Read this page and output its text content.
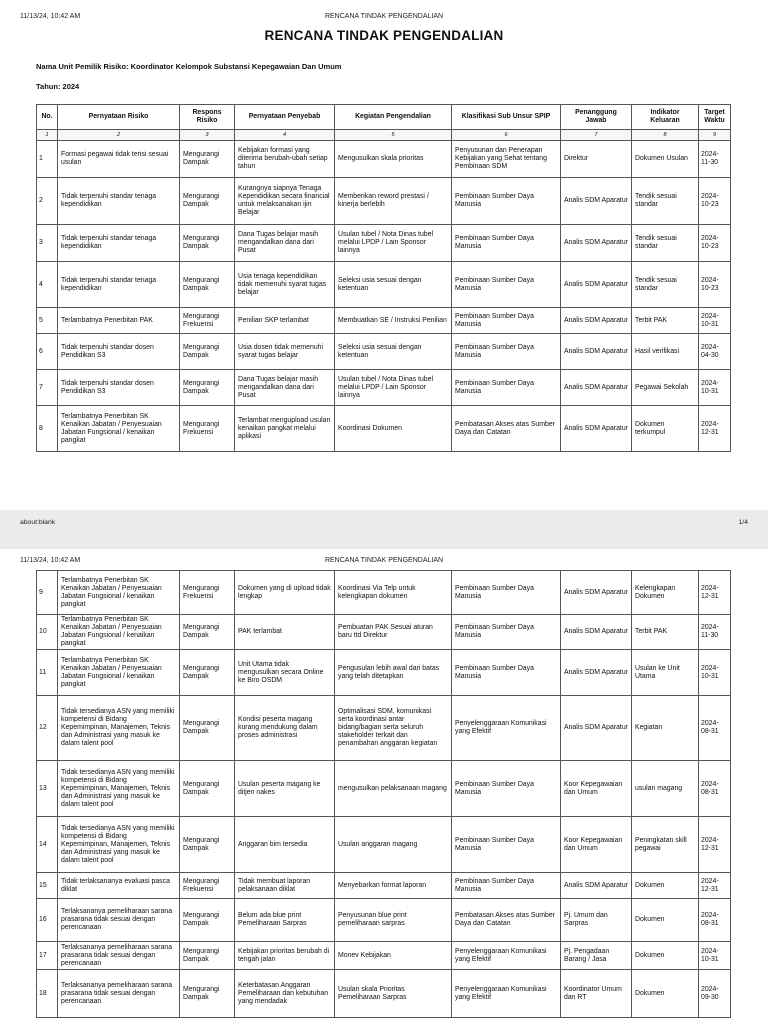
11/13/24, 10:42 AM	RENCANA TINDAK PENGENDALIAN
RENCANA TINDAK PENGENDALIAN
Nama Unit Pemilik Risiko: Koordinator Kelompok Substansi Kepegawaian Dan Umum
Tahun: 2024
No.	Pernyataan Risiko	Respons Risiko	Pernyataan Penyebab	Kegiatan Pengendalian	Klasifikasi Sub Unsur SPIP	Penanggung Jawab	Indikator Keluaran	Target Waktu
1	2	3	4	5	6	7	8	9
1	Formasi pegawai tidak terisi sesuai usulan	Mengurangi Dampak	Kebijakan formasi yang diterima berubah-ubah setiap tahun	Mengusulkan skala prioritas	Penyusunan dan Penerapan Kebijakan yang Sehat tentang Pembinaan SDM	Direktur	Dokumen Usulan	2024-11-30
2	Tidak terpenuhi standar tenaga kependidikan	Mengurangi Dampak	Kurangnya siapnya Tenaga Kependidikan secara financial untuk melaksanakan ijin Belajar	Memberikan reword prestasi / kinerja berlebih	Pembinaan Sumber Daya Manusia	Analis SDM Aparatur	Tendik sesuai standar	2024-10-23
3	Tidak terpenuhi standar tenaga kependidikan	Mengurangi Dampak	Dana Tugas belajar masih mengandalkan dana dari Pusat	Usulan tubel / Nota Dinas tubel melalui LPDP / Lain Sponsor lainnya	Pembinaan Sumber Daya Manusia	Analis SDM Aparatur	Tendik sesuai standar	2024-10-23
4	Tidak terpenuhi standar tenaga kependidikan	Mengurangi Dampak	Usia tenaga kependidikan tidak memenuhi syarat tugas belajar	Seleksi usia sesuai dengan ketentuan	Pembinaan Sumber Daya Manusia	Analis SDM Aparatur	Tendik sesuai standar	2024-10-23
5	Terlambatnya Penerbitan PAK	Mengurangi Frekuensi	Penilian SKP terlambat	Membuatkan SE / Instruksi Penilian	Pembinaan Sumber Daya Manusia	Analis SDM Aparatur	Terbit PAK	2024-10-31
6	Tidak terpenuhi standar dosen Pendidikan S3	Mengurangi Dampak	Usia dosen tidak memenuhi syarat tugas belajar	Seleksi usia sesuai dengan ketentuan	Pembinaan Sumber Daya Manusia	Analis SDM Aparatur	Hasil verifikasi	2024-04-30
7	Tidak terpenuhi standar dosen Pendidikan S3	Mengurangi Dampak	Dana Tugas belajar masih mengandalkan dana dari Pusat	Usulan tubel / Nota Dinas tubel melalui LPDP / Lain Sponsor lainnya	Pembinaan Sumber Daya Manusia	Analis SDM Aparatur	Pegawai Sekolah	2024-10-31
8	Terlambatnya Penerbitan SK Kenaikan Jabatan / Penyesuaian Jabatan Fungsional / kenaikan pangkat	Mengurangi Frekuensi	Terlambat mengupload usulan kenaikan pangkat melalui aplikasi	Koordinasi Dokumen	Pembatasan Akses atas Sumber Daya dan Catatan	Analis SDM Aparatur	Dokumen terkumpul	2024-12-31
about:blank	1/4
11/13/24, 10:42 AM	RENCANA TINDAK PENGENDALIAN
9	Terlambatnya Penerbitan SK Kenaikan Jabatan / Penyesuaian Jabatan Fungsional / kenaikan pangkat	Mengurangi Frekuensi	Dokumen yang di upload tidak lengkap	Koordinasi Via Telp untuk kelengkapan dokumen	Pembinaan Sumber Daya Manusia	Analis SDM Aparatur	Kelengkapan Dokumen	2024-12-31
10	Terlambatnya Penerbitan SK Kenaikan Jabatan / Penyesuaian Jabatan Fungsional / kenaikan pangkat	Mengurangi Dampak	PAK terlambat	Pembuatan PAK Sesuai aturan baru ttd Direktur	Pembinaan Sumber Daya Manusia	Analis SDM Aparatur	Terbit PAK	2024-11-30
11	Terlambatnya Penerbitan SK Kenaikan Jabatan / Penyesuaian Jabatan Fungsional / kenaikan pangkat	Mengurangi Dampak	Unit Utama tidak mengusulkan secara Online ke Biro OSDM	Pengusulan lebih awal dari batas yang telah ditetapkan	Pembinaan Sumber Daya Manusia	Analis SDM Aparatur	Usulan ke Unit Utama	2024-10-31
12	Tidak tersedianya ASN yang memiliki kompetensi di Bidang Kepemimpinan, Manajemen, Teknis dan Administrasi yang masuk ke dalam talent pool	Mengurangi Dampak	Kondisi peserta magang kurang mendukung dalam proses administrasi	Optimalisasi SDM, komunikasi serta koordinasi antar bidang/bagian serta seluruh stakeholder terkait dan penambahan anggaran kegiatan	Penyelenggaraan Komunikasi yang Efektif	Analis SDM Aparatur	Kegiatan	2024-08-31
13	Tidak tersedianya ASN yang memiliki kompetensi di Bidang Kepemimpinan, Manajemen, Teknis dan Administrasi yang masuk ke dalam talent pool	Mengurangi Dampak	Usulan peserta magang ke ditjen nakes	mengusulkan pelaksanaan magang	Pembinaan Sumber Daya Manusia	Koor Kepegawaian dan Umum	usulan magang	2024-08-31
14	Tidak tersedianya ASN yang memiliki kompetensi di Bidang Kepemimpinan, Manajemen, Teknis dan Administrasi yang masuk ke dalam talent pool	Mengurangi Dampak	Anggaran bim tersedia	Usulan anggaran magang	Pembinaan Sumber Daya Manusia	Koor Kepegawaian dan Umum	Peningkatan skill pegawai	2024-12-31
15	Tidak terlaksananya evaluasi pasca diklat	Mengurangi Frekuensi	Tidak membuat laporan pelaksanaan diklat	Menyebarkan format laporan	Pembinaan Sumber Daya Manusia	Analis SDM Aparatur	Dokumen	2024-12-31
16	Terlaksananya pemeliharaan sarana prasarana tidak sesuai dengan perencanaan	Mengurangi Dampak	Belum ada blue print Pemeliharaan Sarpras	Penyusunan blue print pemeliharaan sarpras	Pembatasan Akses atas Sumber Daya dan Catatan	Pj. Umum dan Sarpras	Dokumen	2024-08-31
17	Terlaksananya pemeliharaan sarana prasarana tidak sesuai dengan perencanaan	Mengurangi Dampak	Kebijakan prioritas berubah di tengah jalan	Monev Kebijakan	Penyelenggaraan Komunikasi yang Efektif	Pj. Pengadaan Barang / Jasa	Dokumen	2024-10-31
18	Terlaksananya pemeliharaan sarana prasarana tidak sesuai dengan perencanaan	Mengurangi Dampak	Keterbatasan Anggaran Pemeliharaan dan kebutuhan yang mendadak	Usulan skala Prioritas Pemeliharaan Sarpras	Penyelenggaraan Komunikasi yang Efektif	Koordinator Umum dan RT	Dokumen	2024-09-30
